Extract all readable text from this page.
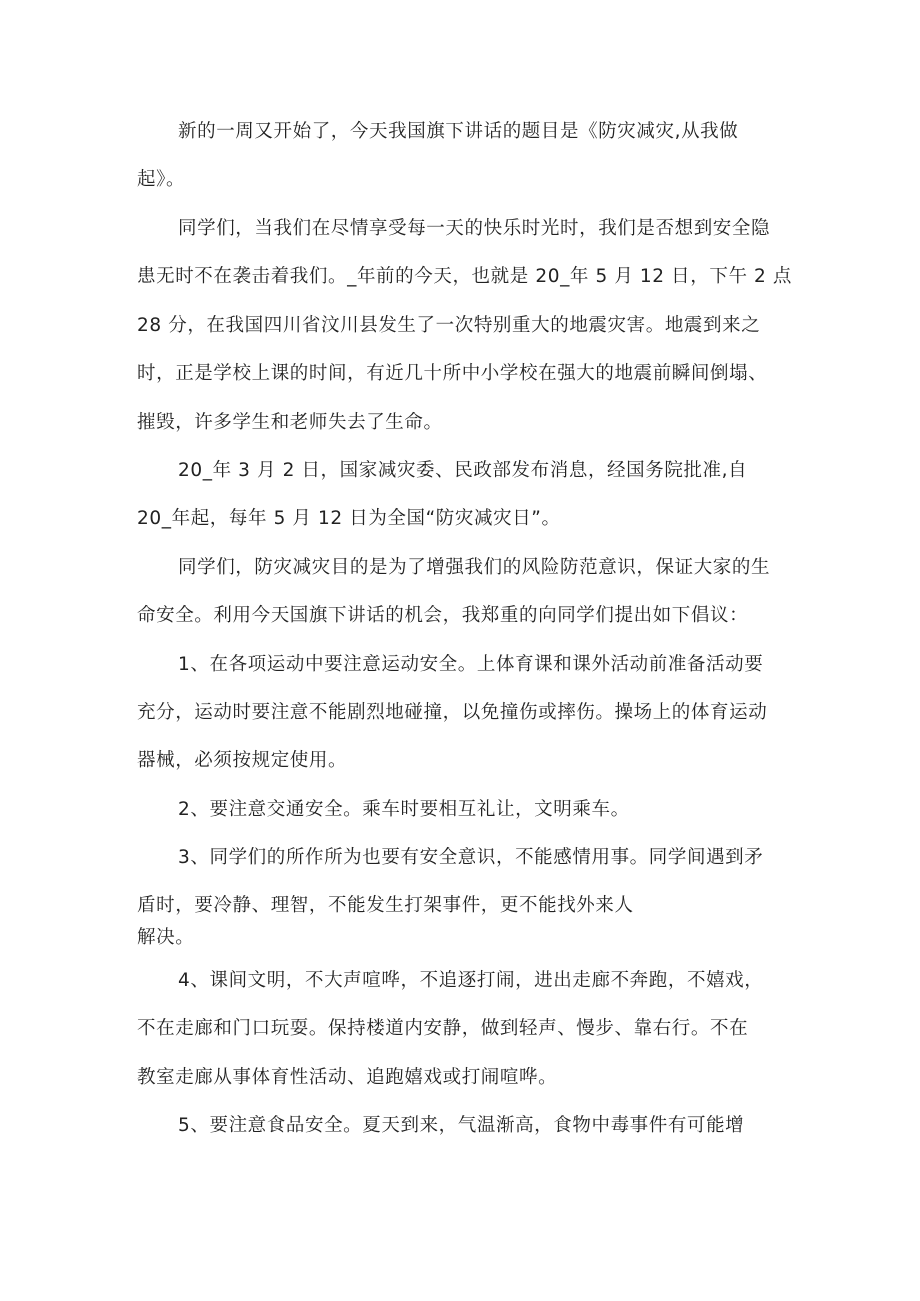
新的一周又开始了，今天我国旗下讲话的题目是《防灾减灾,从我做
起》。
同学们，当我们在尽情享受每一天的快乐时光时，我们是否想到安全隐
患无时不在袭击着我们。_年前的今天，也就是 20_年 5 月 12 日，下午 2 点
28 分，在我国四川省汶川县发生了一次特别重大的地震灾害。地震到来之
时，正是学校上课的时间，有近几十所中小学校在强大的地震前瞬间倒塌、
摧毁，许多学生和老师失去了生命。
20_年 3 月 2 日，国家减灾委、民政部发布消息，经国务院批准,自
20_年起，每年 5 月 12 日为全国“防灾减灾日”。
同学们，防灾减灾目的是为了增强我们的风险防范意识，保证大家的生
命安全。利用今天国旗下讲话的机会，我郑重的向同学们提出如下倡议：
1、在各项运动中要注意运动安全。上体育课和课外活动前准备活动要
充分，运动时要注意不能剧烈地碰撞，以免撞伤或摔伤。操场上的体育运动
器械，必须按规定使用。
2、要注意交通安全。乘车时要相互礼让，文明乘车。
3、同学们的所作所为也要有安全意识，不能感情用事。同学间遇到矛
盾时，要冷静、理智，不能发生打架事件，更不能找外来人
解决。
4、课间文明，不大声喧哗，不追逐打闹，进出走廊不奔跑，不嬉戏，
不在走廊和门口玩耍。保持楼道内安静，做到轻声、慢步、靠右行。不在
教室走廊从事体育性活动、追跑嬉戏或打闹喧哗。
5、要注意食品安全。夏天到来，气温渐高，食物中毒事件有可能增
